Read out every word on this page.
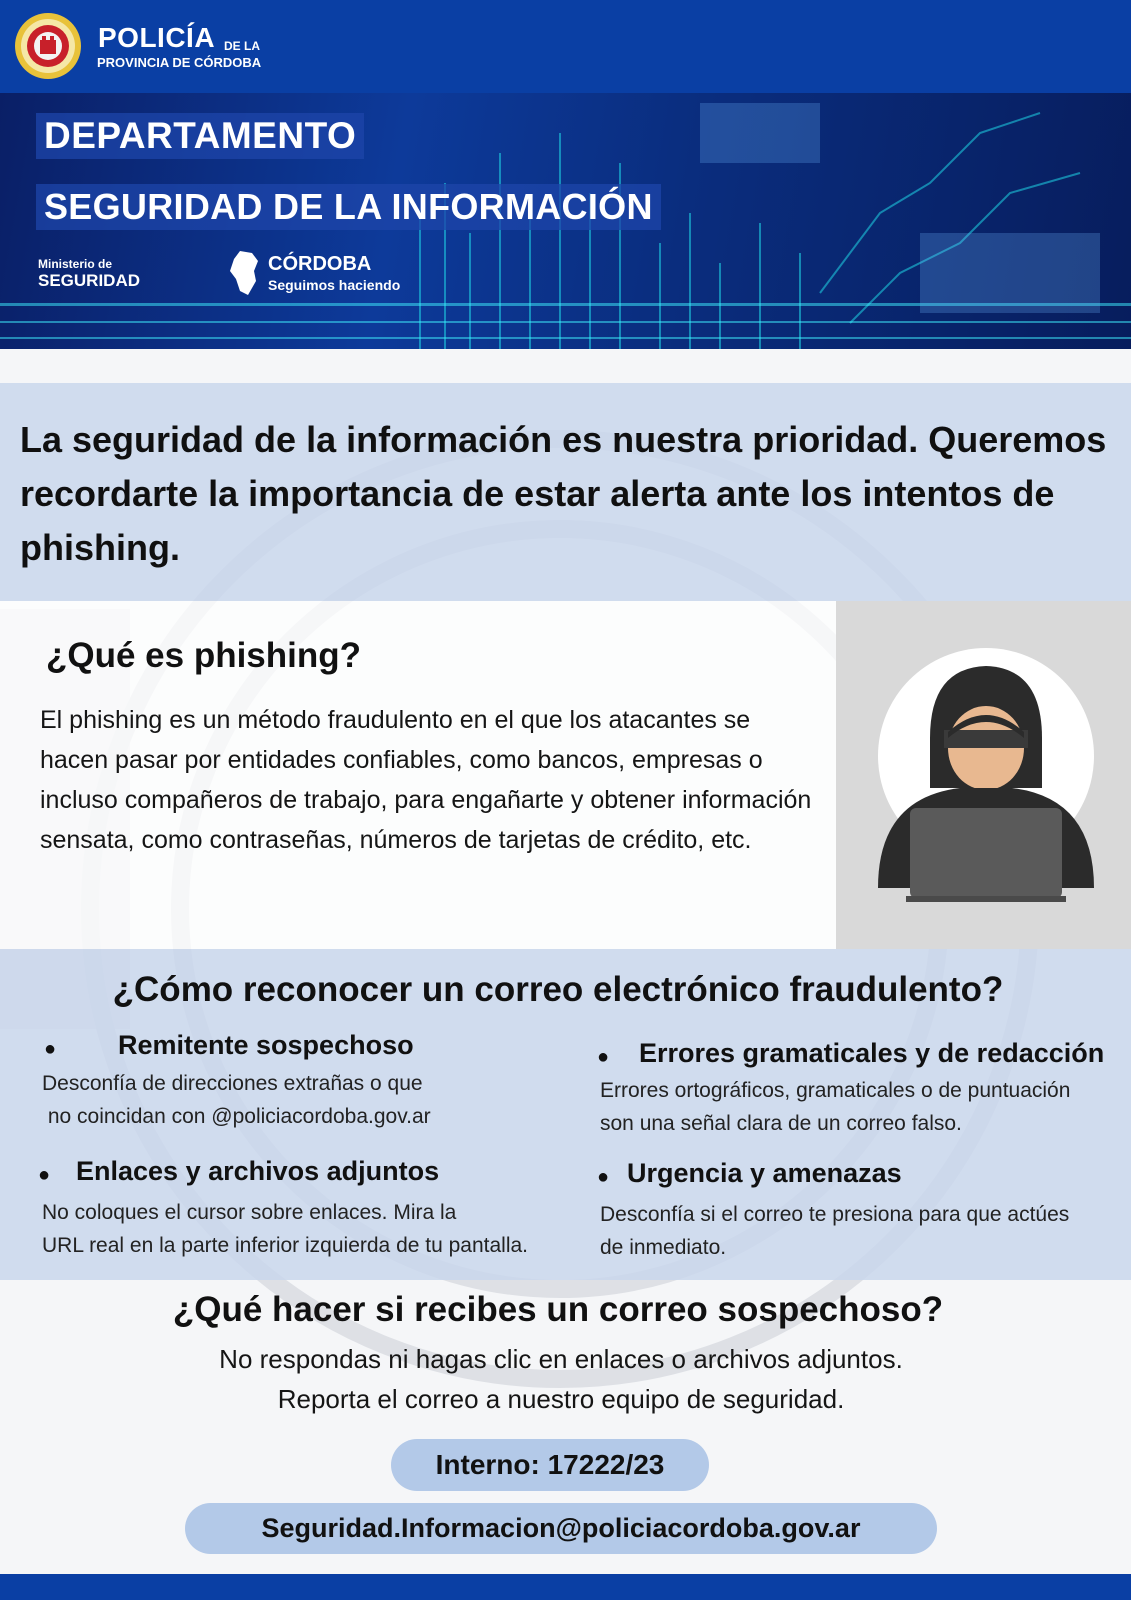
POLICÍA DE LA
PROVINCIA DE CÓRDOBA
DEPARTAMENTO
SEGURIDAD DE LA INFORMACIÓN
Ministerio de
SEGURIDAD
CÓRDOBA
Seguimos haciendo
La seguridad de la información es nuestra prioridad. Queremos recordarte la importancia de estar alerta ante los intentos de phishing.
¿Qué es phishing?
El phishing es un método fraudulento en el que los atacantes se hacen pasar por entidades confiables, como bancos, empresas o incluso compañeros de trabajo, para engañarte y obtener información sensata, como contraseñas, números de tarjetas de crédito, etc.
¿Cómo reconocer un correo electrónico fraudulento?
● Remitente sospechoso
Desconfía de direcciones extrañas o que
no coincidan con @policiacordoba.gov.ar
● Errores gramaticales y de redacción
Errores ortográficos, gramaticales o de puntuación
son una señal clara de un correo falso.
● Enlaces y archivos adjuntos
No coloques el cursor sobre enlaces. Mira la
URL real en la parte inferior izquierda de tu pantalla.
● Urgencia y amenazas
Desconfía si el correo te presiona para que actúes
de inmediato.
¿Qué hacer si recibes un correo sospechoso?
No respondas ni hagas clic en enlaces o archivos adjuntos.
Reporta el correo a nuestro equipo de seguridad.
Interno: 17222/23
Seguridad.Informacion@policiacordoba.gov.ar
